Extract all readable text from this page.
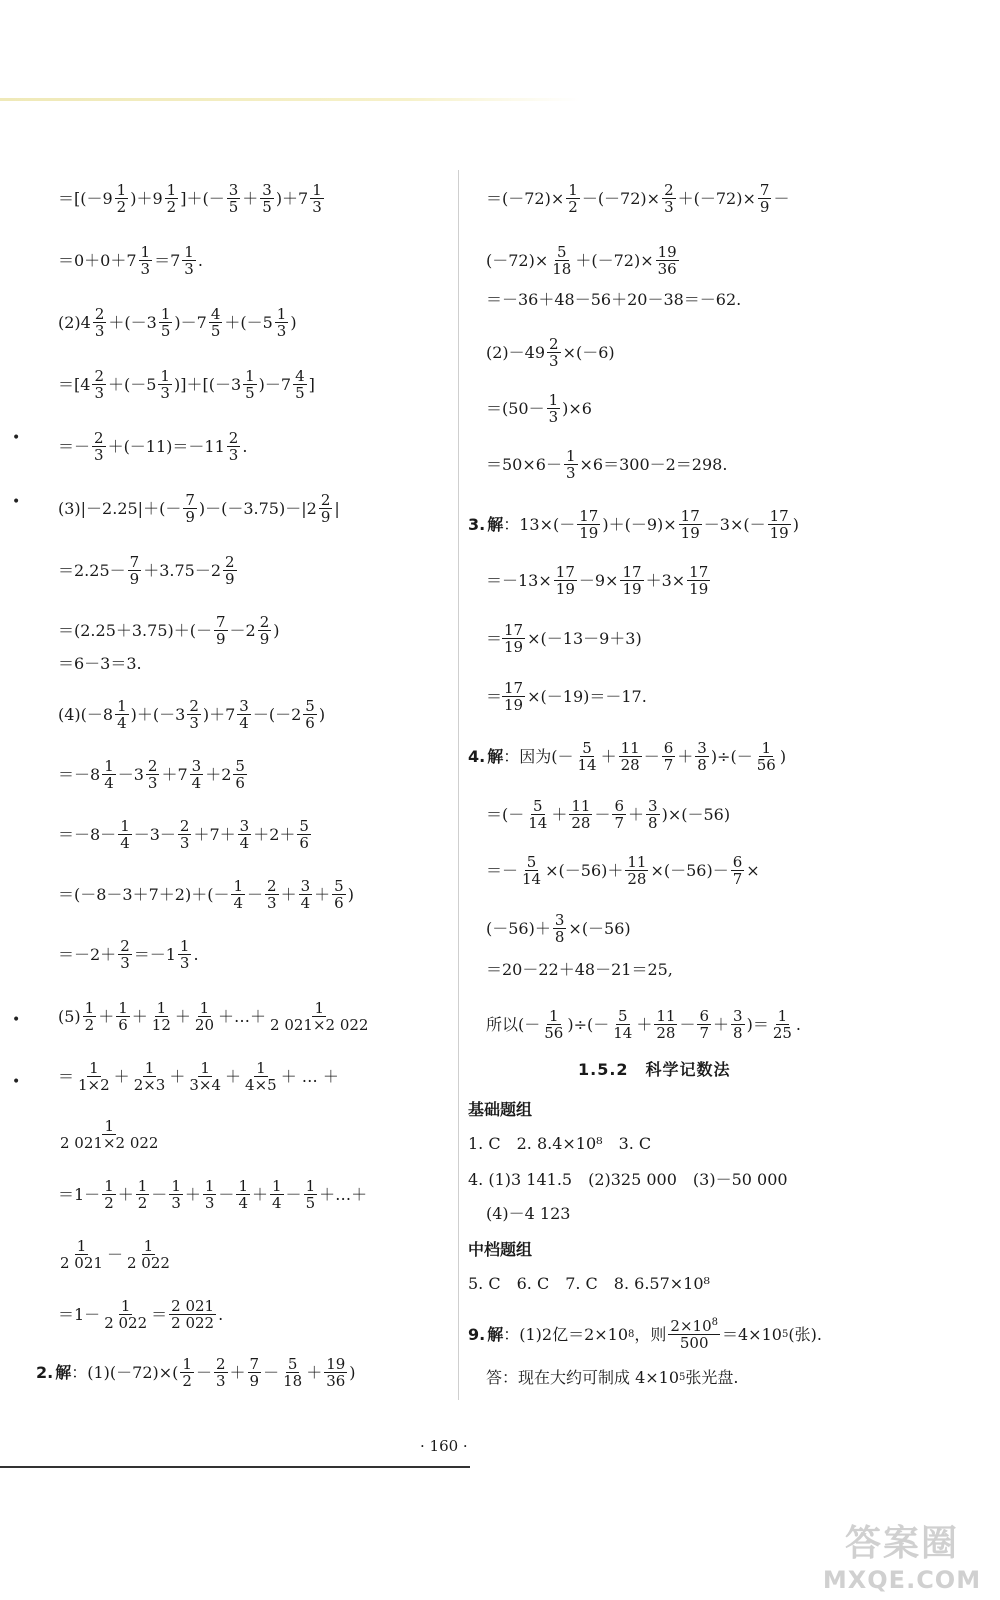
•
•
•
•
$=[(-9 \frac{1}{2} )+9 \frac{1}{2}$ ]＋(－ $\frac{3}{5} + \frac{3}{5} )+7 \frac{1}{3}$
$=0+0+7 \frac{1}{3} =7 \frac{1}{3}$ .
$(2)4 \frac{2}{3} +(-3 \frac{1}{5} )-7 \frac{4}{5} +(-5 \frac{1}{3}$ )
$=[4 \frac{2}{3} +(-5 \frac{1}{3} )]+[(-3 \frac{1}{5} )-7 \frac{4}{5}$ ]
＝－ $\frac{2}{3} +(-11)=-11 \frac{2}{3}$ .
$(3)|-2.25|+(- \frac{7}{9} )-(-3.75)-|2 \frac{2}{9}$ |
$=2.25- \frac{7}{9} +3.75-2 \frac{2}{9}$
$=(2.25+3.75)+(- \frac{7}{9} -2 \frac{2}{9}$ )
＝6－3＝3.
$(4)(-8 \frac{1}{4} )+(-3 \frac{2}{3} )+7 \frac{3}{4} -(-2 \frac{5}{6}$ )
$=-8 \frac{1}{4} -3 \frac{2}{3} +7 \frac{3}{4} +2 \frac{5}{6}$
$=-8- \frac{1}{4} -3- \frac{2}{3} +7+ \frac{3}{4} +2+ \frac{5}{6}$
$=(-8-3+7+2)+(- \frac{1}{4} - \frac{2}{3} + \frac{3}{4} + \frac{5}{6}$ )
$=-2+ \frac{2}{3} =-1 \frac{1}{3}$ .
$(5) \frac{1}{2} + \frac{1}{6} + \frac{1}{12} + \frac{1}{20}$ ＋…＋ $\frac{1}{2 021\times 2 022}$
＝ $\frac{1}{1\times 2} + \frac{1}{2\times 3} + \frac{1}{3\times 4} + \frac{1}{4\times 5}$ ＋ … ＋
$\frac{1}{2 021\times 2 022}$
$=1- \frac{1}{2} + \frac{1}{2} - \frac{1}{3} + \frac{1}{3} - \frac{1}{4} + \frac{1}{4} - \frac{1}{5}$ ＋…＋
$\frac{1}{2 021} - \frac{1}{2 022}$
$=1- \frac{1}{2 022} = \frac{2 021}{2 022}$ .
2. 解 ：$(1)(-72)\times( \frac{1}{2} - \frac{2}{3} + \frac{7}{9} - \frac{5}{18} + \frac{19}{36}$ )
$=(-72)\times \frac{1}{2} -(-72)\times \frac{2}{3} +(-72)\times \frac{7}{9}$ －
$(-72)\times \frac{5}{18} +(-72)\times \frac{19}{36}$
＝－36＋48－56＋20－38＝－62.
$(2)-49 \frac{2}{3} \times(-6)$
$=(50- \frac{1}{3} )\times 6$
$=50\times 6- \frac{1}{3} \times 6=300-2=298$.
3. 解 ：$13\times(- \frac{17}{19} )+(-9)\times \frac{17}{19} -3\times(- \frac{17}{19}$ )
$=-13\times \frac{17}{19} -9\times \frac{17}{19} +3\times \frac{17}{19}$
＝ $\frac{17}{19} \times(-13-9+3)$
＝ $\frac{17}{19} \times(-19)=-17$.
4. 解 ：因为(－ $\frac{5}{14} + \frac{11}{28} - \frac{6}{7} + \frac{3}{8}$ )÷(－ $\frac{1}{56}$ )
＝(－ $\frac{5}{14} + \frac{11}{28} - \frac{6}{7} + \frac{3}{8} )\times(-56)$
＝－ $\frac{5}{14} \times(-56)+ \frac{11}{28} \times(-56)- \frac{6}{7}$ ×
$(-56)+ \frac{3}{8} \times(-56)$
＝20－22＋48－21＝25,
所以(－ $\frac{1}{56}$ )÷(－ $\frac{5}{14} + \frac{11}{28} - \frac{6}{7} + \frac{3}{8}$ )＝ $\frac{1}{25}$ .
1.5.2　科学记数法
基础题组
1. C　2. 8.4×10⁸　3. C
4. (1)3 141.5　(2)325 000　(3)－50 000
(4)－4 123
中档题组
5. C　6. C　7. C　8. 6.57×10⁸
9. 解 ：(1)2亿＝2×10 8 ，则 $\frac{2\times 10^8}{500} =4\times 10$ 5 (张).
答：现在大约可制成 4×10 5 张光盘.
· 160 ·
答案圈
MXQE.COM
